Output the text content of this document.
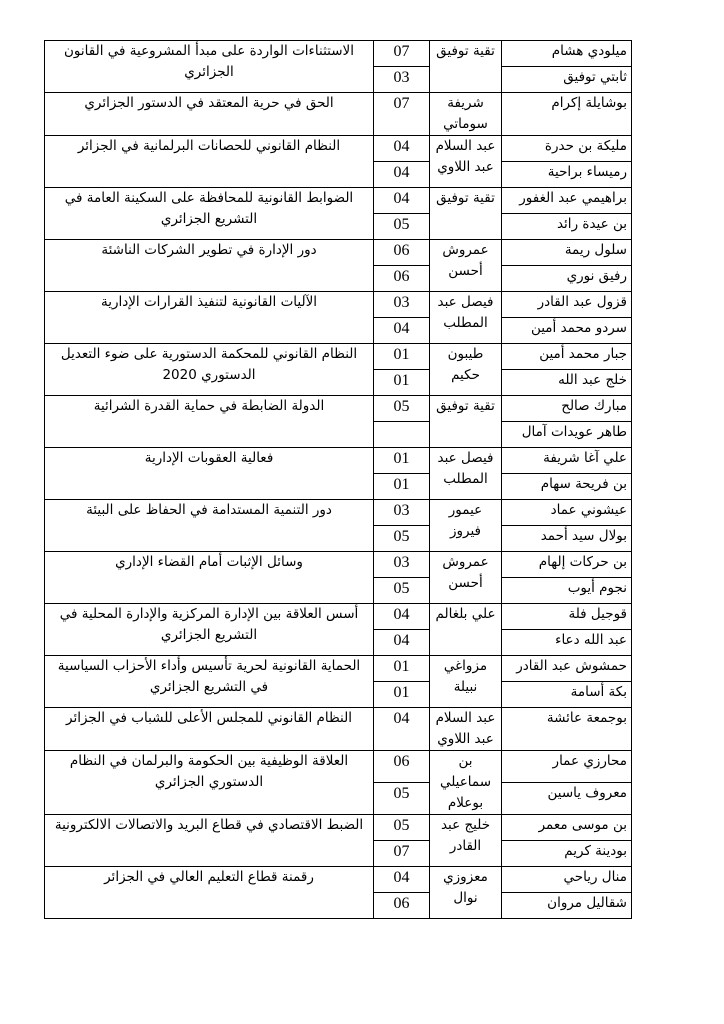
ميلودي هشام	تقية توفيق	07	الاستثناءات الواردة على مبدأ المشروعية في القانون الجزائري
ثابتي توفيق		03	
بوشايلة إكرام	شريفة سوماتي	07	الحق في حرية المعتقد في الدستور الجزائري
مليكة بن حدرة	عبد السلام عبد اللاوي	04	النظام القانوني للحصانات البرلمانية في الجزائر
رميساء براحية		04	
براهيمي عبد الغفور	تقية توفيق	04	الضوابط القانونية للمحافظة على السكينة العامة في التشريع الجزائري
بن عيدة رائد		05	
سلول ريمة	عمروش أحسن	06	دور الإدارة في تطوير الشركات الناشئة
رفيق نوري		06	
قزول عبد القادر	فيصل عبد المطلب	03	الآليات القانونية لتنفيذ القرارات الإدارية
سردو محمد أمين		04	
جبار محمد أمين	طيبون حكيم	01	النظام القانوني للمحكمة الدستورية على ضوء التعديل الدستوري 2020
خلج عبد الله		01	
مبارك صالح	تقية توفيق	05	الدولة الضابطة في حماية القدرة الشرائية
طاهر عويدات آمال			
علي آغا شريفة	فيصل عبد المطلب	01	فعالية العقوبات الإدارية
بن فريحة سهام		01	
عيشوني عماد	عيمور فيروز	03	دور التنمية المستدامة في الحفاظ على البيئة
بولال سيد أحمد		05	
بن حركات إلهام	عمروش أحسن	03	وسائل الإثبات أمام القضاء الإداري
نجوم أيوب		05	
قوجيل فلة	علي بلغالم	04	أسس العلاقة بين الإدارة المركزية والإدارة المحلية في التشريع الجزائري
عبد الله دعاء		04	
حمشوش عبد القادر	مزواغي نبيلة	01	الحماية القانونية لحرية تأسيس وأداء الأحزاب السياسية في التشريع الجزائري
بكة أسامة		01	
بوجمعة عائشة	عبد السلام عبد اللاوي	04	النظام القانوني للمجلس الأعلى للشباب في الجزائر
محارزي عمار	بن سماعيلي بوعلام	06	العلاقة الوظيفية بين الحكومة والبرلمان في النظام الدستوري الجزائري
معروف ياسين		05	
بن موسى معمر	خليج عبد القادر	05	الضبط الاقتصادي في قطاع البريد والاتصالات الالكترونية
بودينة كريم		07	
منال رياحي	معزوزي نوال	04	رقمنة قطاع التعليم العالي في الجزائر
شقاليل مروان		06	
